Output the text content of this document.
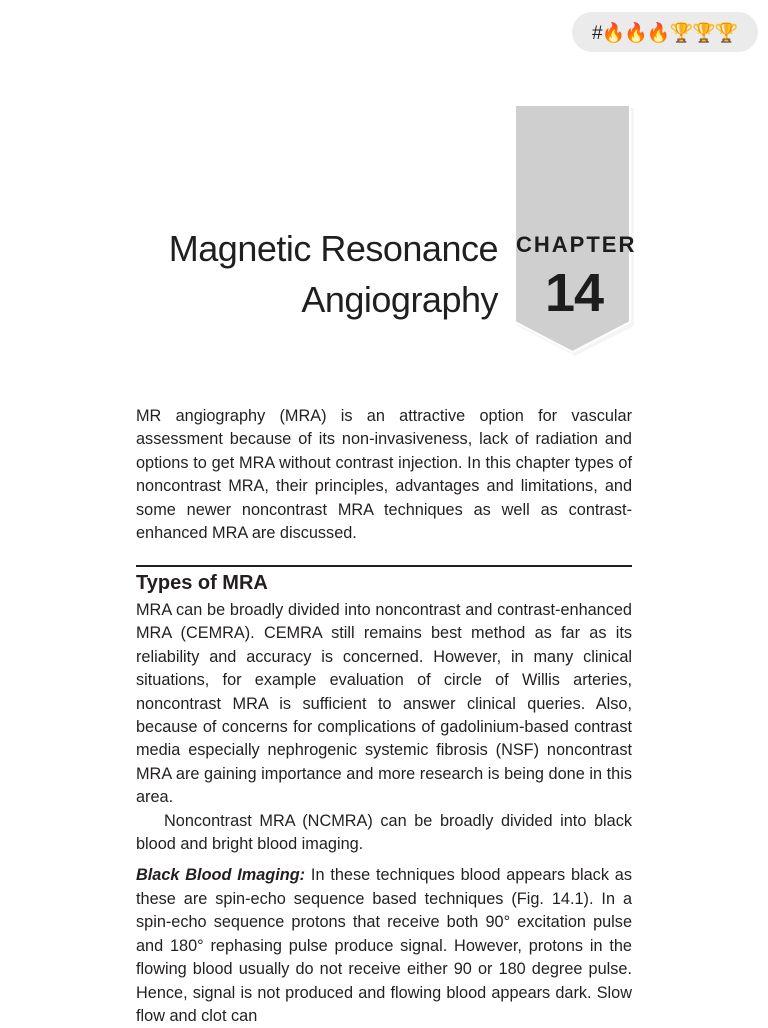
#🔥🔥🔥🏆🏆🏆
CHAPTER
14
Magnetic Resonance
Angiography
MR angiography (MRA) is an attractive option for vascular assessment because of its non-invasiveness, lack of radiation and options to get MRA without contrast injection. In this chapter types of noncontrast MRA, their principles, advantages and limitations, and some newer noncontrast MRA techniques as well as contrast-enhanced MRA are discussed.
Types of MRA

MRA can be broadly divided into noncontrast and contrast-enhanced MRA (CEMRA). CEMRA still remains best method as far as its reliability and accuracy is concerned. However, in many clinical situations, for example evaluation of circle of Willis arteries, noncontrast MRA is sufficient to answer clinical queries. Also, because of concerns for complications of gadolinium-based contrast media especially nephrogenic systemic fibrosis (NSF) noncontrast MRA are gaining importance and more research is being done in this area.

Noncontrast MRA (NCMRA) can be broadly divided into black blood and bright blood imaging.

Black Blood Imaging: In these techniques blood appears black as these are spin-echo sequence based techniques (Fig. 14.1). In a spin-echo sequence protons that receive both 90° excitation pulse and 180° rephasing pulse produce signal. However, protons in the flowing blood usually do not receive either 90 or 180 degree pulse. Hence, signal is not produced and flowing blood appears dark. Slow flow and clot can
